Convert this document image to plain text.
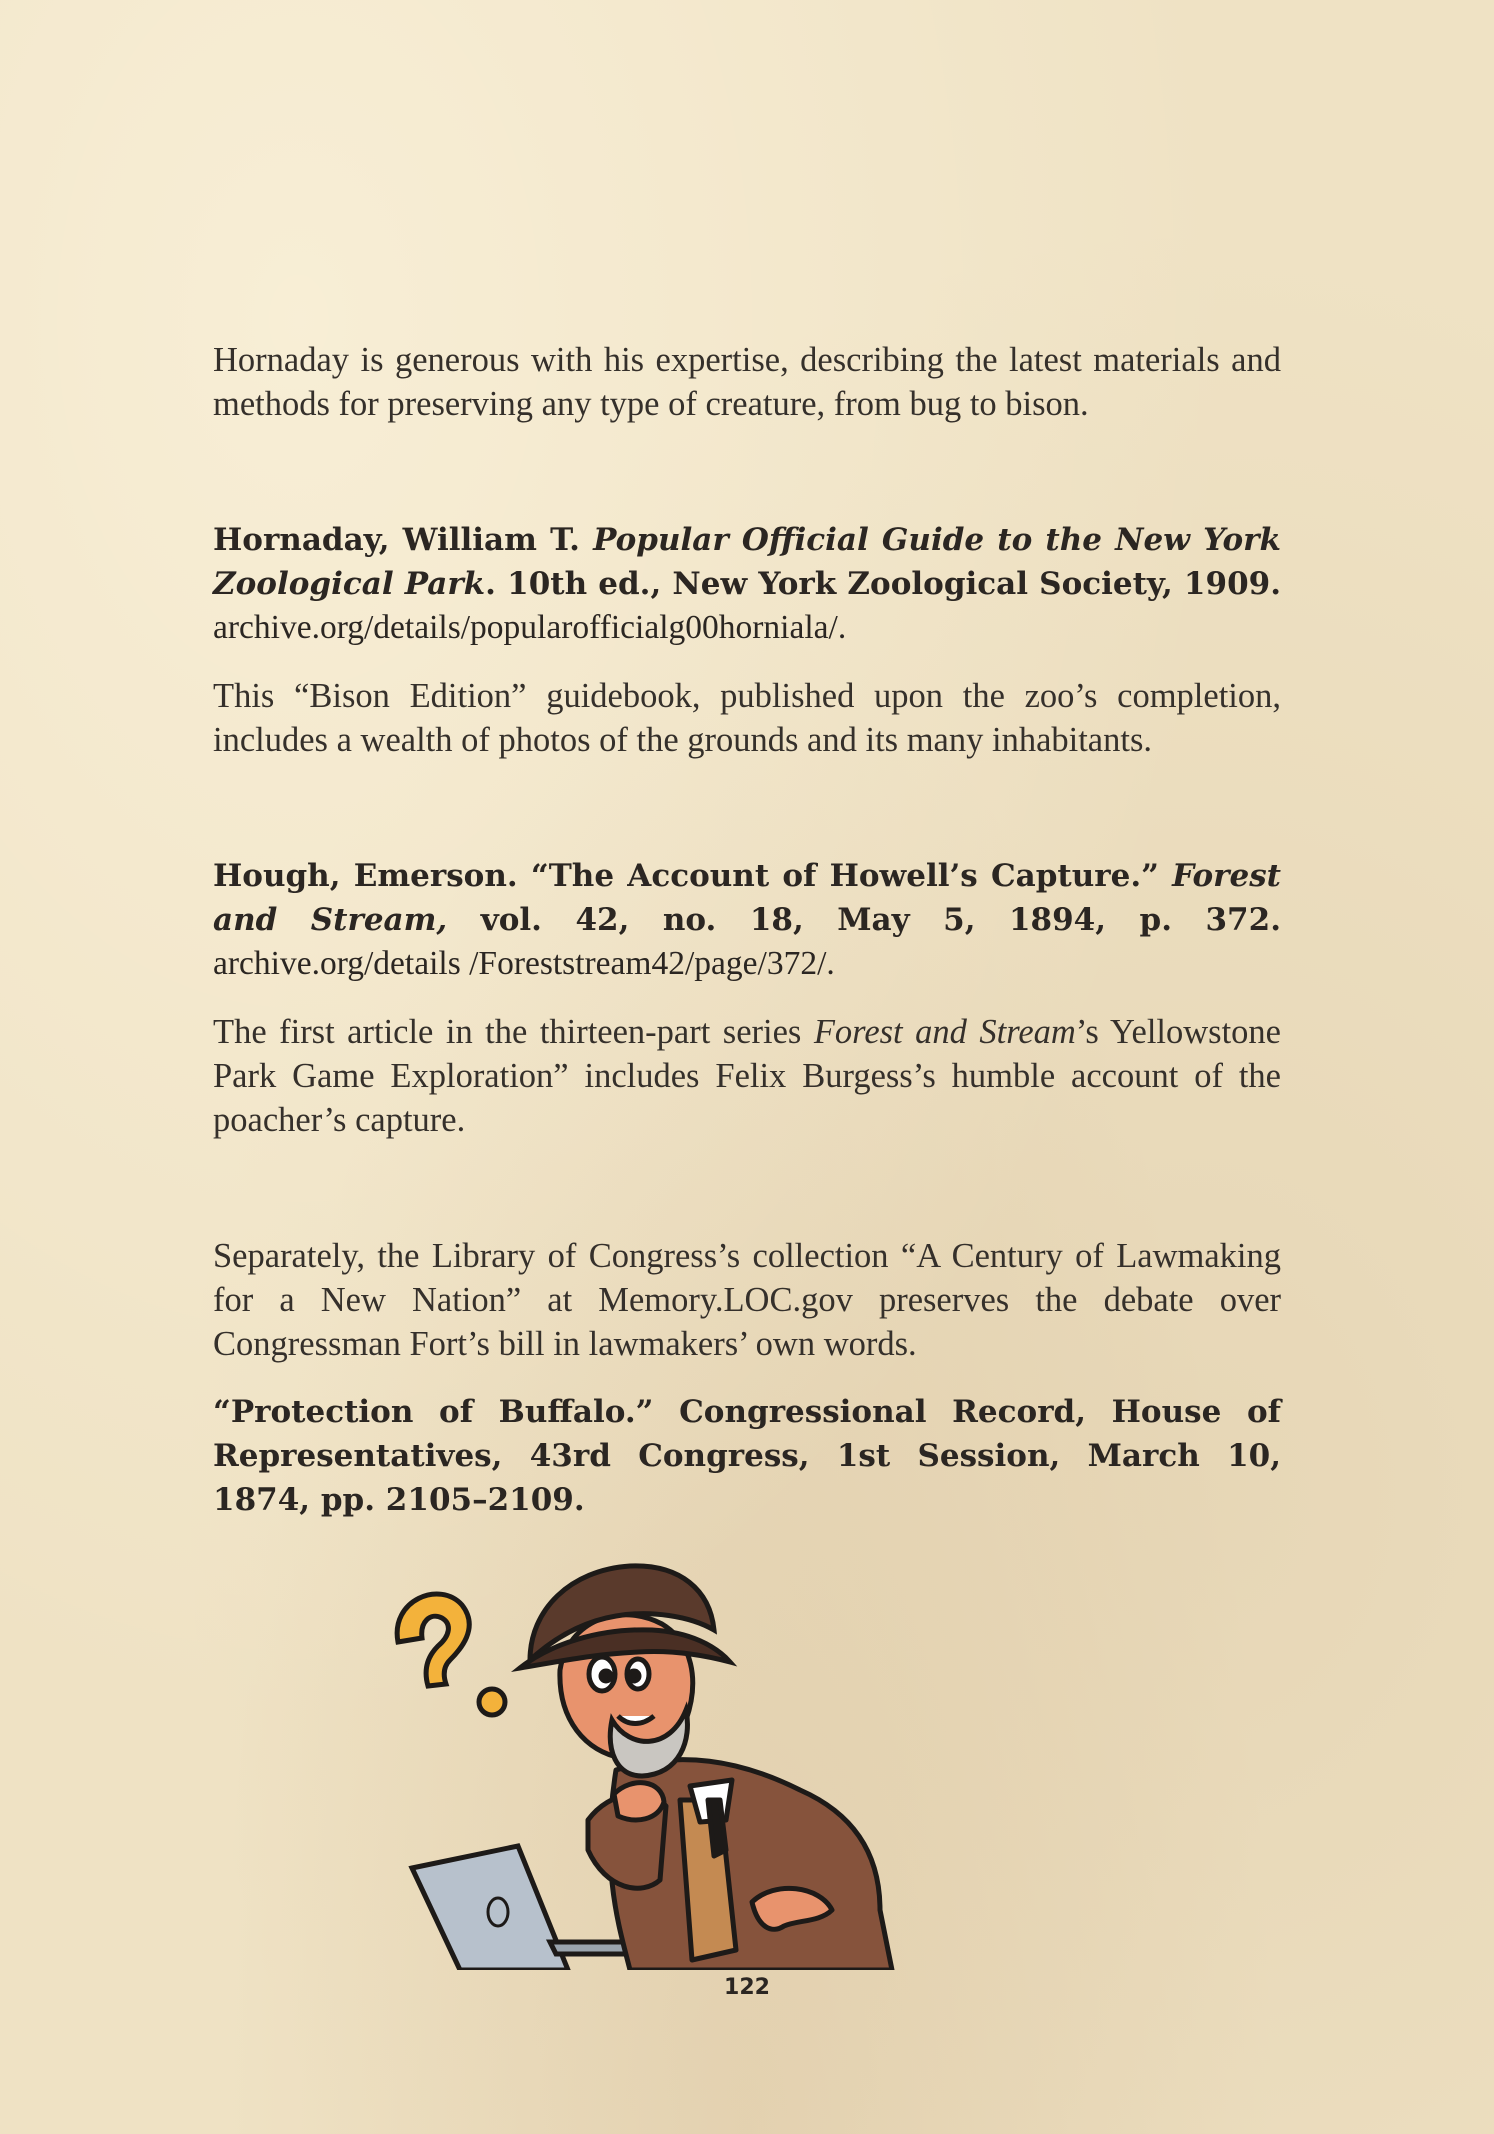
Hornaday is generous with his expertise, describing the latest materials and methods for preserving any type of creature, from bug to bison.

Hornaday, William T. Popular Official Guide to the New York Zoological Park. 10th ed., New York Zoological Society, 1909. archive.org/details/popularofficialg00horniala/.

This “Bison Edition” guidebook, published upon the zoo’s completion, includes a wealth of photos of the grounds and its many inhabitants.

Hough, Emerson. “The Account of Howell’s Capture.” Forest and Stream, vol. 42, no. 18, May 5, 1894, p. 372. archive.org/details /Foreststream42/page/372/.

The first article in the thirteen-part series Forest and Stream’s Yellowstone Park Game Exploration” includes Felix Burgess’s humble account of the poacher’s capture.

Separately, the Library of Congress’s collection “A Century of Lawmaking for a New Nation” at Memory.LOC.gov preserves the debate over Congressman Fort’s bill in lawmakers’ own words.

“Protection of Buffalo.” Congressional Record, House of Representatives, 43rd Congress, 1st Session, March 10, 1874, pp. 2105–2109.

122
